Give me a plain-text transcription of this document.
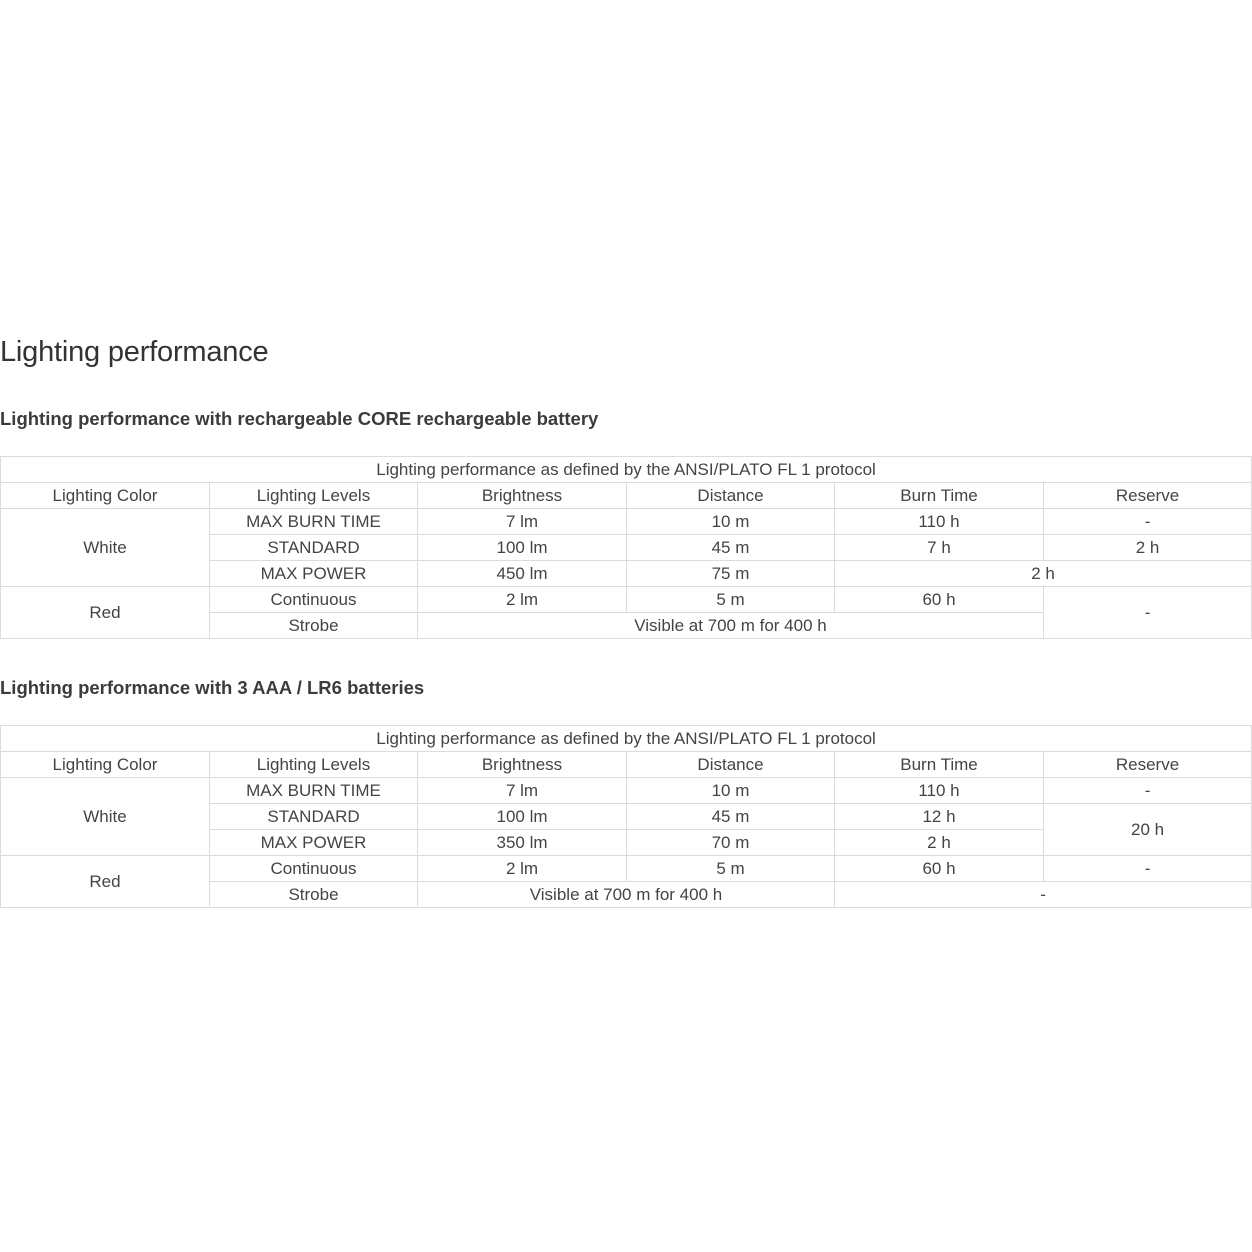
Lighting performance
Lighting performance with rechargeable CORE rechargeable battery
Lighting performance as defined by the ANSI/PLATO FL 1 protocol					
Lighting Color	Lighting Levels	Brightness	Distance	Burn Time	Reserve
White	MAX BURN TIME	7 lm	10 m	110 h	-
	STANDARD	100 lm	45 m	7 h	2 h
	MAX POWER	450 lm	75 m	2 h	
Red	Continuous	2 lm	5 m	60 h	-
	Strobe	Visible at 700 m for 400 h			
Lighting performance with 3 AAA / LR6 batteries
Lighting performance as defined by the ANSI/PLATO FL 1 protocol					
Lighting Color	Lighting Levels	Brightness	Distance	Burn Time	Reserve
White	MAX BURN TIME	7 lm	10 m	110 h	-
	STANDARD	100 lm	45 m	12 h	20 h
	MAX POWER	350 lm	70 m	2 h	
Red	Continuous	2 lm	5 m	60 h	-
	Strobe	Visible at 700 m for 400 h		-	
